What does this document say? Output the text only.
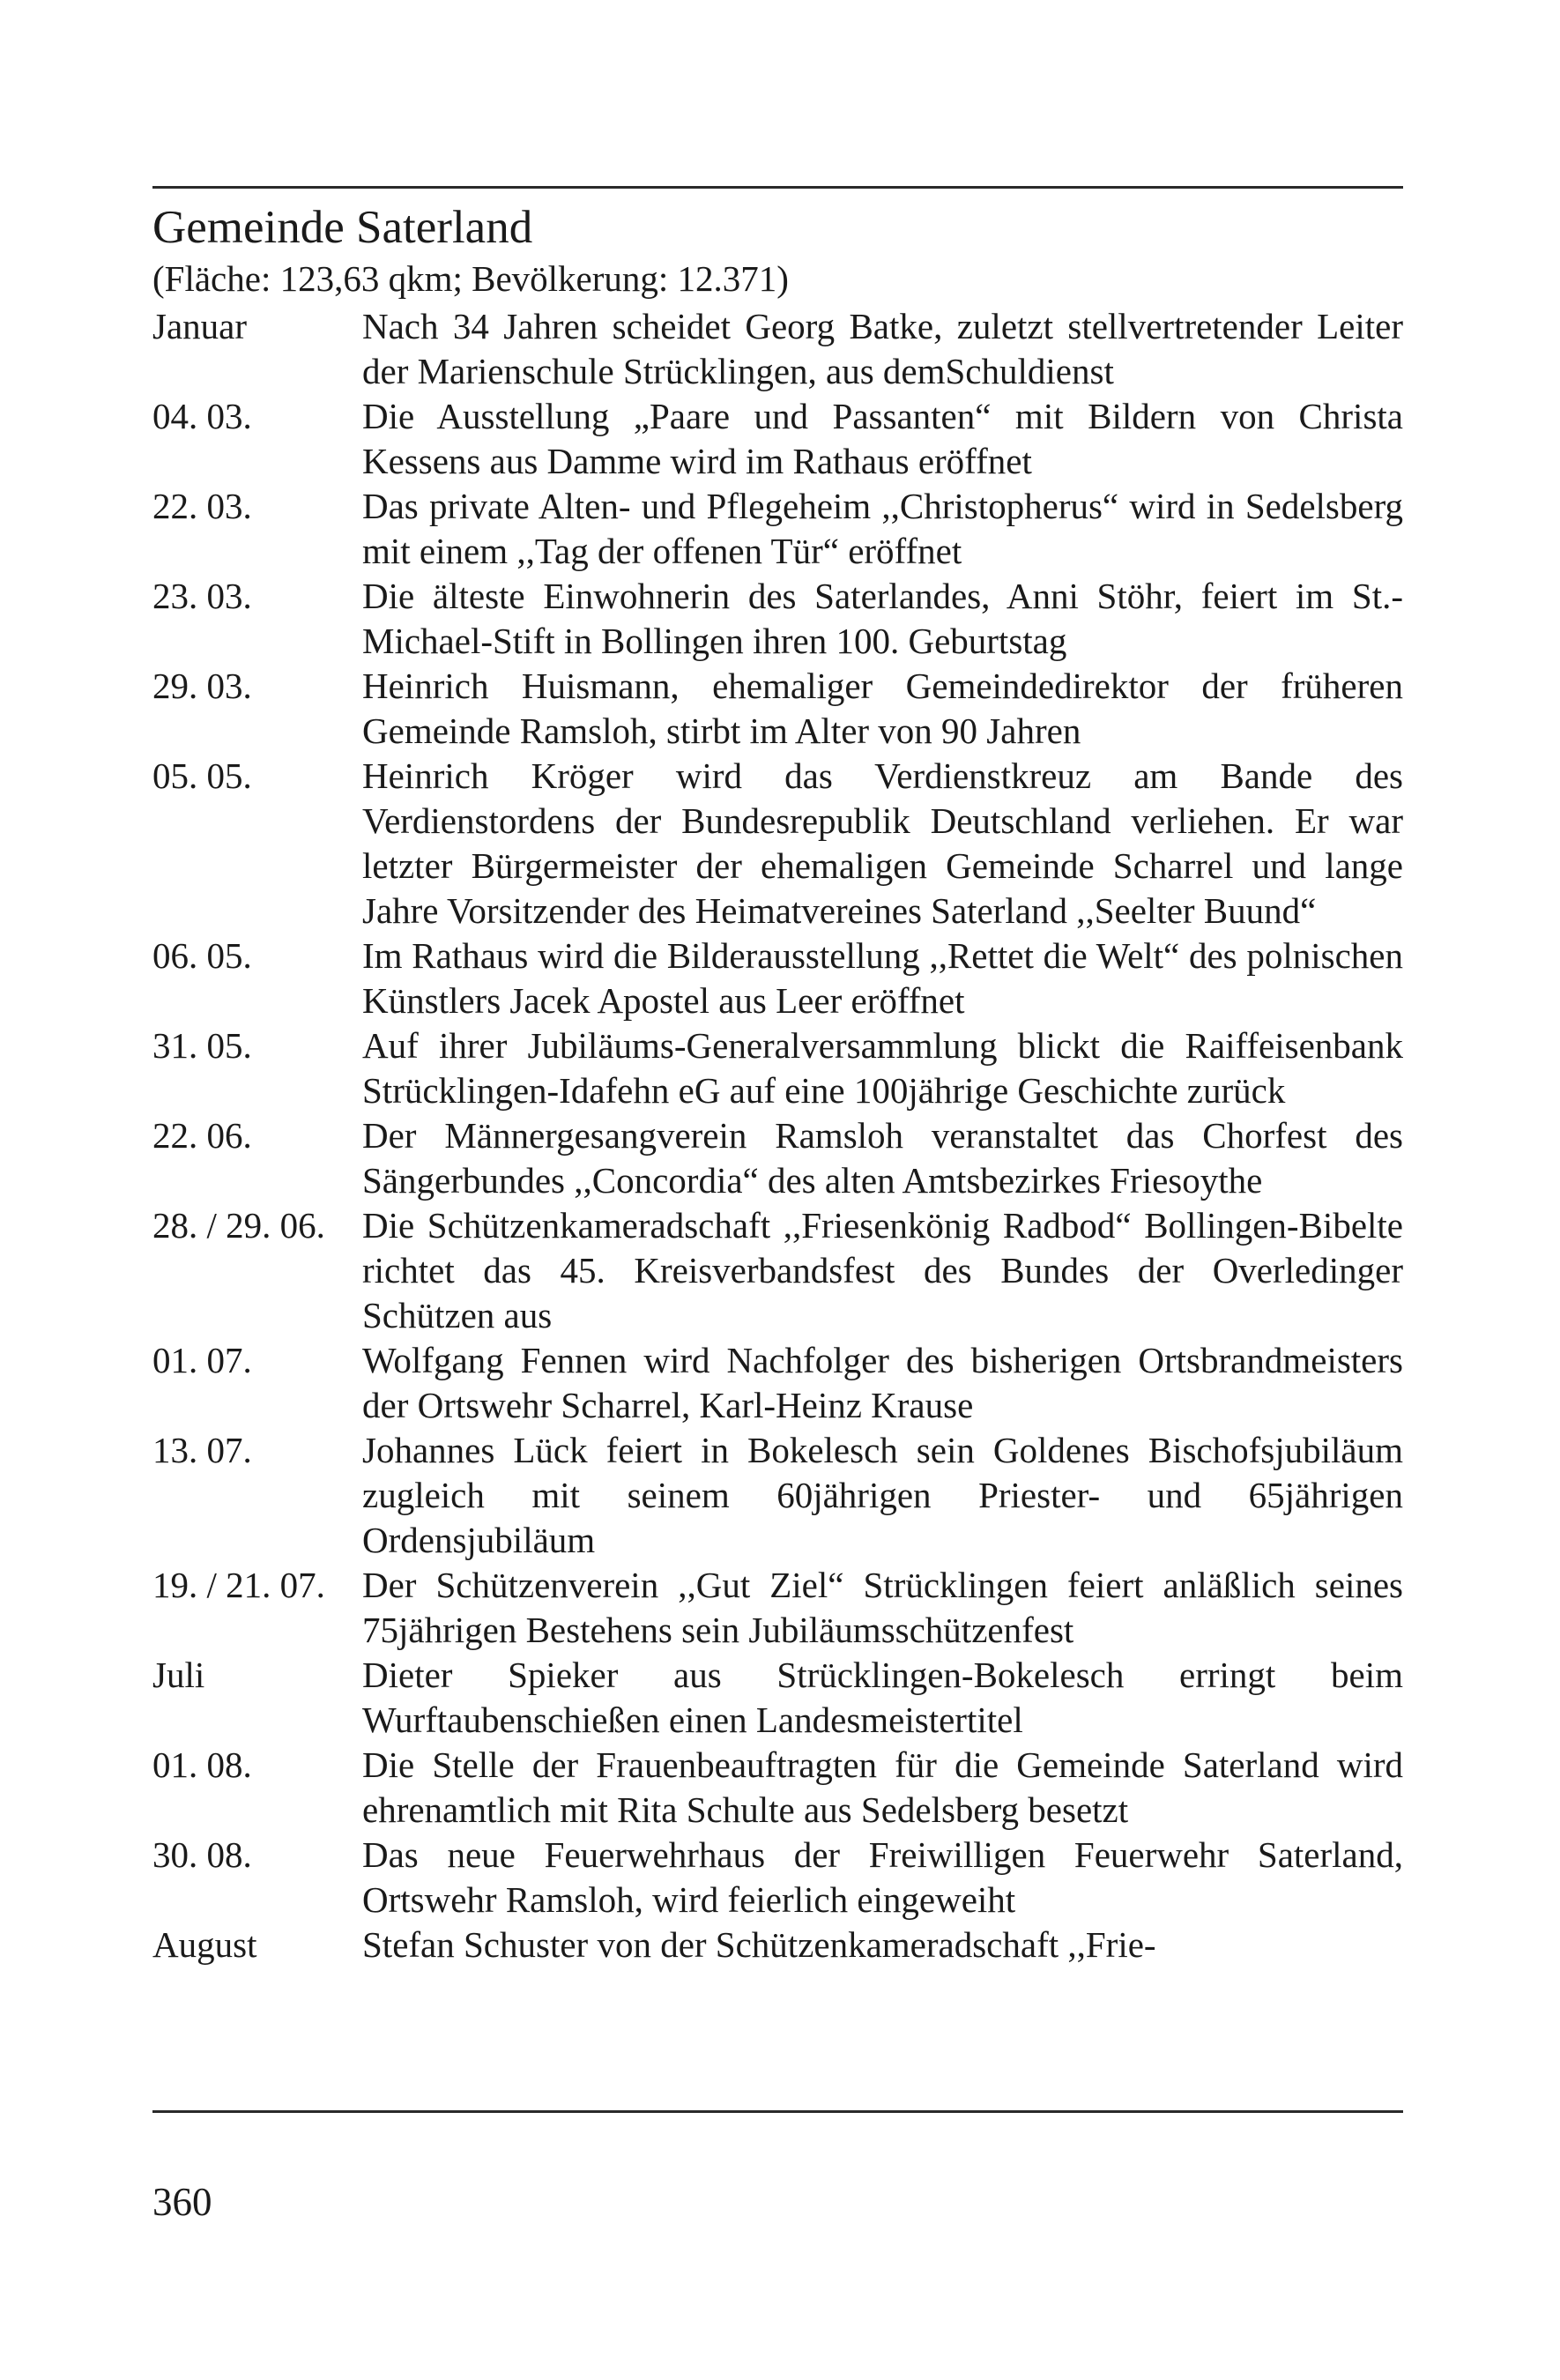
Gemeinde Saterland
(Fläche: 123,63 qkm; Bevölkerung: 12.371)
Januar	Nach 34 Jahren scheidet Georg Batke, zuletzt stellvertretender Leiter der Marienschule Strücklingen, aus demSchuldienst
04. 03.	Die Ausstellung „Paare und Passanten“ mit Bildern von Christa Kessens aus Damme wird im Rathaus eröffnet
22. 03.	Das private Alten- und Pflegeheim ,,Christopherus“ wird in Sedelsberg mit einem ,,Tag der offenen Tür“ eröffnet
23. 03.	Die älteste Einwohnerin des Saterlandes, Anni Stöhr, feiert im St.-Michael-Stift in Bollingen ihren 100. Geburtstag
29. 03.	Heinrich Huismann, ehemaliger Gemeindedirektor der früheren Gemeinde Ramsloh, stirbt im Alter von 90 Jahren
05. 05.	Heinrich Kröger wird das Verdienstkreuz am Bande des Verdienstordens der Bundesrepublik Deutschland verliehen. Er war letzter Bürgermeister der ehemaligen Gemeinde Scharrel und lange Jahre Vorsitzender des Heimatvereines Saterland ,,Seelter Buund“
06. 05.	Im Rathaus wird die Bilderausstellung ,,Rettet die Welt“ des polnischen Künstlers Jacek Apostel aus Leer eröffnet
31. 05.	Auf ihrer Jubiläums-Generalversammlung blickt die Raiffeisenbank Strücklingen-Idafehn eG auf eine 100jährige Geschichte zurück
22. 06.	Der Männergesangverein Ramsloh veranstaltet das Chorfest des Sängerbundes ,,Concordia“ des alten Amtsbezirkes Friesoythe
28. / 29. 06. Die Schützenkameradschaft ,,Friesenkönig Radbod“ Bollingen-Bibelte richtet das 45. Kreisverbandsfest des Bundes der Overledinger Schützen aus
01. 07.	Wolfgang Fennen wird Nachfolger des bisherigen Ortsbrandmeisters der Ortswehr Scharrel, Karl-Heinz Krause
13. 07.	Johannes Lück feiert in Bokelesch sein Goldenes Bischofsjubiläum zugleich mit seinem 60jährigen Priester- und 65jährigen Ordensjubiläum
19. / 21. 07. Der Schützenverein ,,Gut Ziel“ Strücklingen feiert anläßlich seines 75jährigen Bestehens sein Jubiläumsschützenfest
Juli	Dieter Spieker aus Strücklingen-Bokelesch erringt beim Wurftaubenschießen einen Landesmeistertitel
01. 08.	Die Stelle der Frauenbeauftragten für die Gemeinde Saterland wird ehrenamtlich mit Rita Schulte aus Sedelsberg besetzt
30. 08.	Das neue Feuerwehrhaus der Freiwilligen Feuerwehr Saterland, Ortswehr Ramsloh, wird feierlich eingeweiht
August	Stefan Schuster von der Schützenkameradschaft ,,Frie-
360
